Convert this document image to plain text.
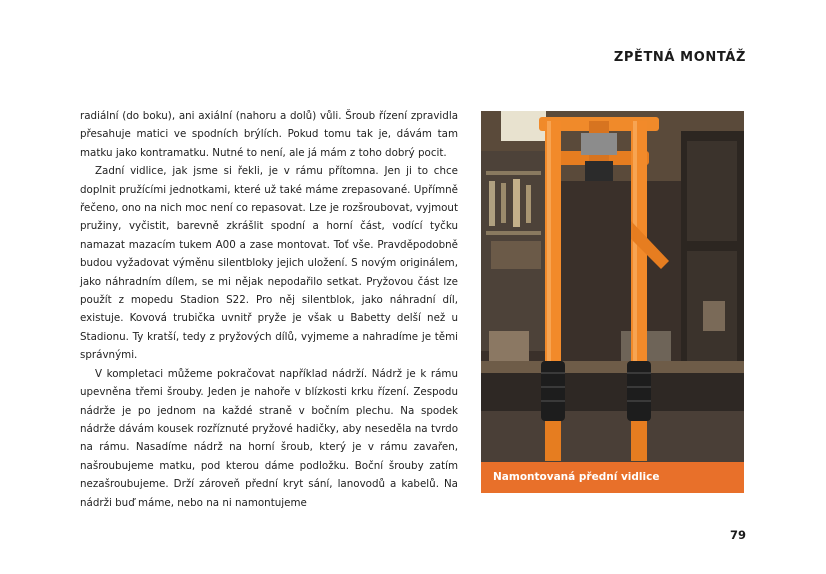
ZPĚTNÁ MONTÁŽ

radiální (do boku), ani axiální (nahoru a dolů) vůli. Šroub řízení zpravidla přesahuje matici ve spodních brýlích. Pokud tomu tak je, dávám tam matku jako kontramatku. Nutné to není, ale já mám z toho dobrý pocit.

Zadní vidlice, jak jsme si řekli, je v rámu přítomna. Jen ji to chce doplnit pružícími jednotkami, které už také máme zrepasované. Upřímně řečeno, ono na nich moc není co repasovat. Lze je rozšroubovat, vyjmout pružiny, vyčistit, barevně zkrášlit spodní a horní část, vodící tyčku namazat mazacím tukem A00 a zase montovat. Toť vše. Pravděpodobně budou vyžadovat výměnu silentbloky jejich uložení. S novým originálem, jako náhradním dílem, se mi nějak nepodařilo setkat. Pryžovou část lze použít z mopedu Stadion S22. Pro něj silentblok, jako náhradní díl, existuje. Kovová trubička uvnitř pryže je však u Babetty delší než u Stadionu. Ty kratší, tedy z pryžových dílů, vyjmeme a nahradíme je těmi správnými.

V kompletaci můžeme pokračovat například nádrží. Nádrž je k rámu upevněna třemi šrouby. Jeden je nahoře v blízkosti krku řízení. Zespodu nádrže je po jednom na každé straně v bočním plechu. Na spodek nádrže dávám kousek rozříznuté pryžové hadičky, aby neseděla na tvrdo na rámu. Nasadíme nádrž na horní šroub, který je v rámu zavařen, našroubujeme matku, pod kterou dáme podložku. Boční šrouby zatím nezašroubujeme. Drží zároveň přední kryt sání, lanovodů a kabelů. Na nádrži buď máme, nebo na ni namontujeme

Namontovaná přední vidlice
79
